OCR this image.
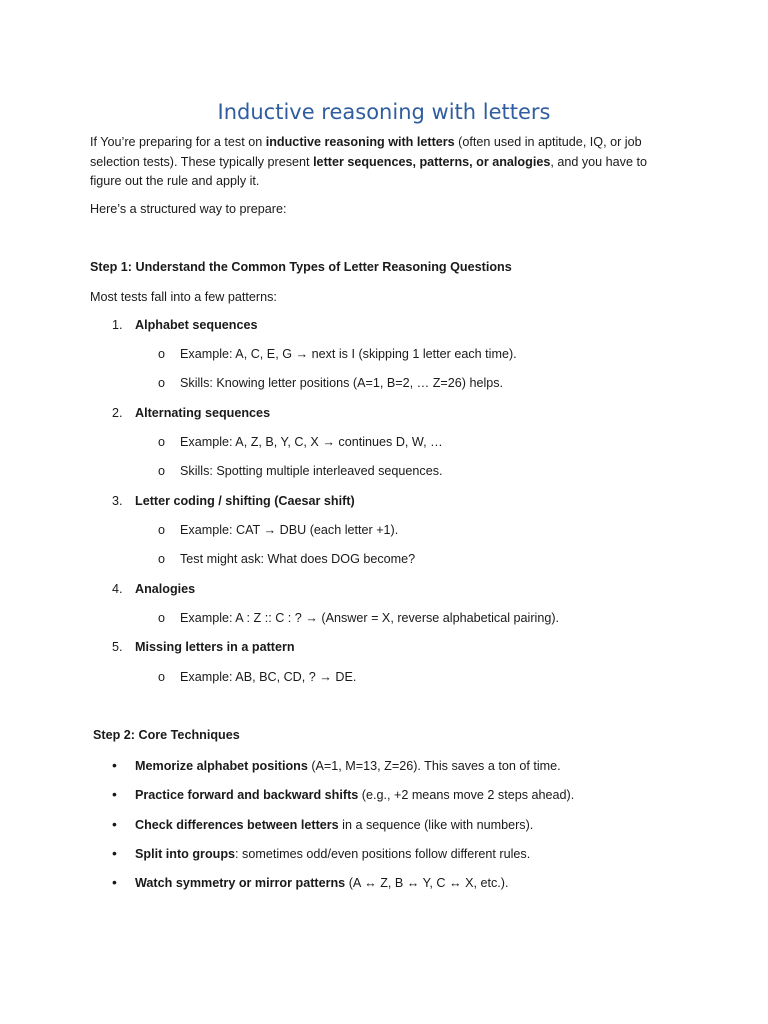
Inductive reasoning with letters

If You’re preparing for a test on inductive reasoning with letters (often used in aptitude, IQ, or job selection tests). These typically present letter sequences, patterns, or analogies, and you have to figure out the rule and apply it.

Here’s a structured way to prepare:

Step 1: Understand the Common Types of Letter Reasoning Questions

Most tests fall into a few patterns:

1. Alphabet sequences

o Example: A, C, E, G → next is I (skipping 1 letter each time).

o Skills: Knowing letter positions (A=1, B=2, … Z=26) helps.

2. Alternating sequences

o Example: A, Z, B, Y, C, X → continues D, W, …

o Skills: Spotting multiple interleaved sequences.

3. Letter coding / shifting (Caesar shift)

o Example: CAT → DBU (each letter +1).

o Test might ask: What does DOG become?

4. Analogies

o Example: A : Z :: C : ? → (Answer = X, reverse alphabetical pairing).

5. Missing letters in a pattern

o Example: AB, BC, CD, ? → DE.

Step 2: Core Techniques

• Memorize alphabet positions (A=1, M=13, Z=26). This saves a ton of time.

• Practice forward and backward shifts (e.g., +2 means move 2 steps ahead).

• Check differences between letters in a sequence (like with numbers).

• Split into groups: sometimes odd/even positions follow different rules.

• Watch symmetry or mirror patterns (A ↔ Z, B ↔ Y, C ↔ X, etc.).
